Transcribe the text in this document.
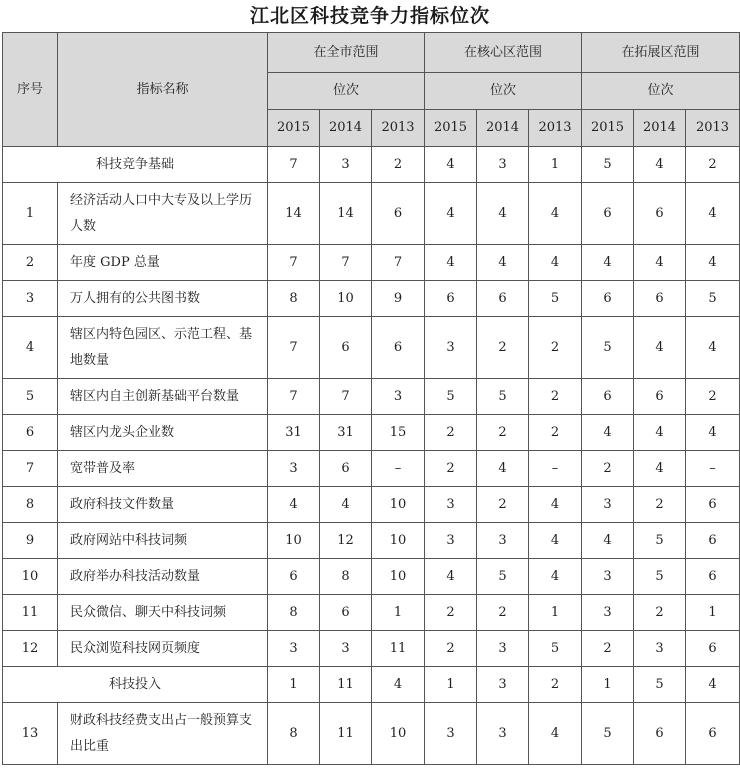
江北区科技竞争力指标位次
序号	指标名称	在全市范围			在核心区范围			在拓展区范围		
		位次			位次			位次		
		2015	2014	2013	2015	2014	2013	2015	2014	2013
科技竞争基础		7	3	2	4	3	1	5	4	2
1	经济活动人口中大专及以上学历人数	14	14	6	4	4	4	6	6	4
2	年度 GDP 总量	7	7	7	4	4	4	4	4	4
3	万人拥有的公共图书数	8	10	9	6	6	5	6	6	5
4	辖区内特色园区、示范工程、基地数量	7	6	6	3	2	2	5	4	4
5	辖区内自主创新基础平台数量	7	7	3	5	5	2	6	6	2
6	辖区内龙头企业数	31	31	15	2	2	2	4	4	4
7	宽带普及率	3	6	–	2	4	–	2	4	–
8	政府科技文件数量	4	4	10	3	2	4	3	2	6
9	政府网站中科技词频	10	12	10	3	3	4	4	5	6
10	政府举办科技活动数量	6	8	10	4	5	4	3	5	6
11	民众微信、聊天中科技词频	8	6	1	2	2	1	3	2	1
12	民众浏览科技网页频度	3	3	11	2	3	5	2	3	6
科技投入		1	11	4	1	3	2	1	5	4
13	财政科技经费支出占一般预算支出比重	8	11	10	3	3	4	5	6	6
